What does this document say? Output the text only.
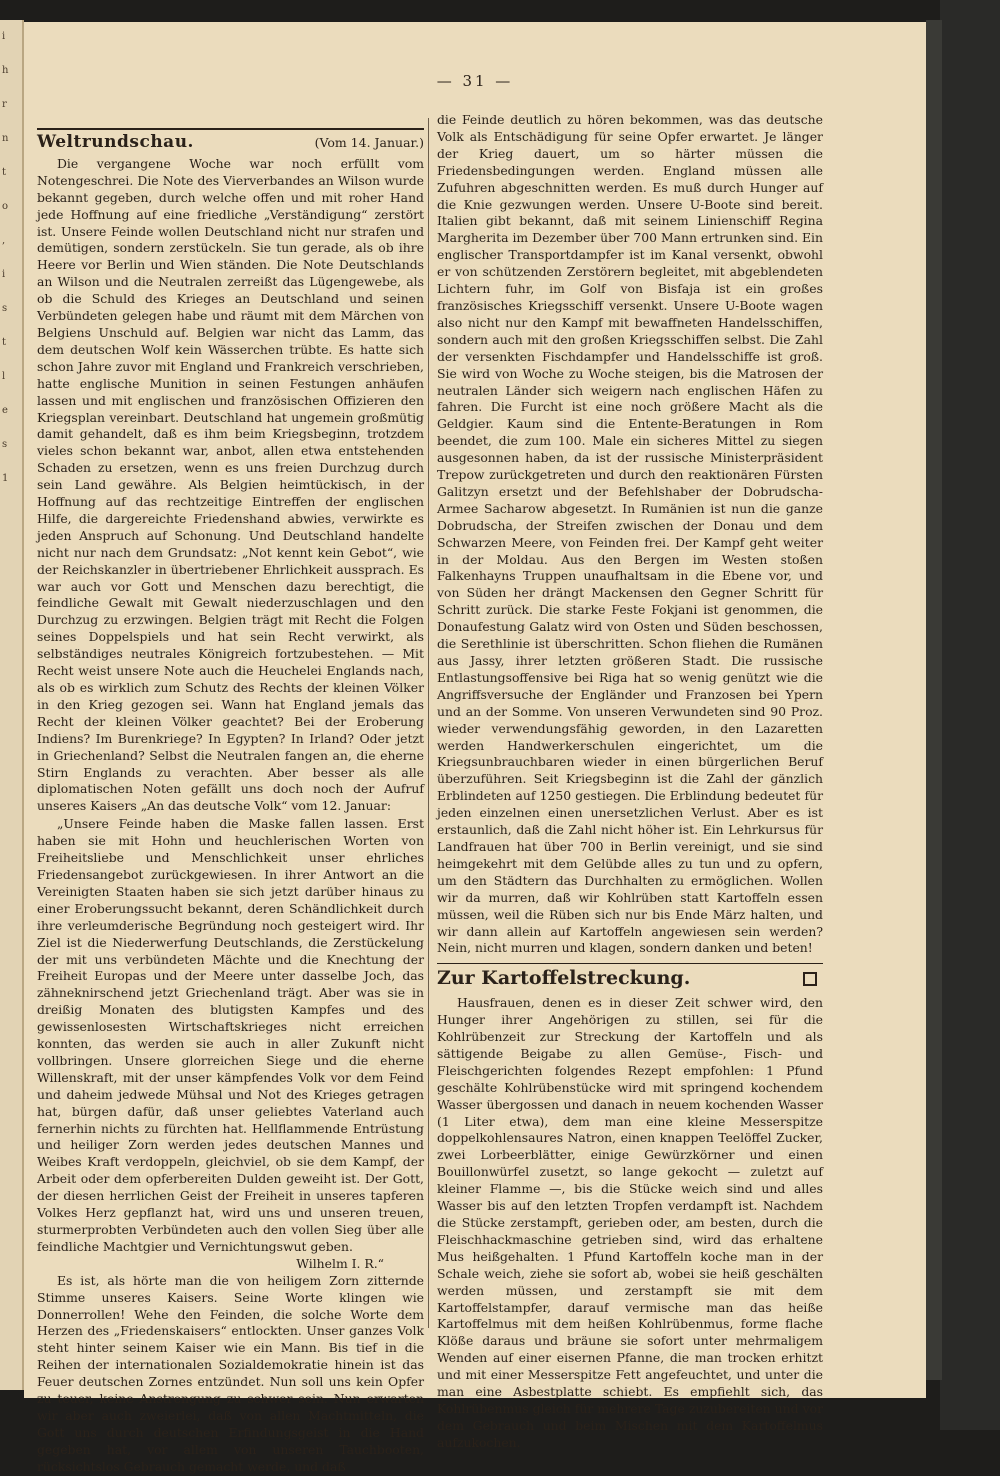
i
h
r
n
t
o
,
i
s
t
l
e
s
1
— 31 —
Weltrundschau.	(Vom 14. Januar.)

Die vergangene Woche war noch erfüllt vom Notengeschrei. Die Note des Vierverbandes an Wilson wurde bekannt gegeben, durch welche offen und mit roher Hand jede Hoffnung auf eine friedliche „Verständigung“ zerstört ist. Unsere Feinde wollen Deutschland nicht nur strafen und demütigen, sondern zerstückeln. Sie tun gerade, als ob ihre Heere vor Berlin und Wien ständen. Die Note Deutschlands an Wilson und die Neutralen zerreißt das Lügengewebe, als ob die Schuld des Krieges an Deutschland und seinen Verbündeten gelegen habe und räumt mit dem Märchen von Belgiens Unschuld auf. Belgien war nicht das Lamm, das dem deutschen Wolf kein Wässerchen trübte. Es hatte sich schon Jahre zuvor mit England und Frankreich verschrieben, hatte englische Munition in seinen Festungen anhäufen lassen und mit englischen und französischen Offizieren den Kriegsplan vereinbart. Deutschland hat ungemein großmütig damit gehandelt, daß es ihm beim Kriegsbeginn, trotzdem vieles schon bekannt war, anbot, allen etwa entstehenden Schaden zu ersetzen, wenn es uns freien Durchzug durch sein Land gewähre. Als Belgien heimtückisch, in der Hoffnung auf das rechtzeitige Eintreffen der englischen Hilfe, die dargereichte Friedenshand abwies, verwirkte es jeden Anspruch auf Schonung. Und Deutschland handelte nicht nur nach dem Grundsatz: „Not kennt kein Gebot“, wie der Reichskanzler in übertriebener Ehrlichkeit aussprach. Es war auch vor Gott und Menschen dazu berechtigt, die feindliche Gewalt mit Gewalt niederzuschlagen und den Durchzug zu erzwingen. Belgien trägt mit Recht die Folgen seines Doppelspiels und hat sein Recht verwirkt, als selbständiges neutrales Königreich fortzubestehen. — Mit Recht weist unsere Note auch die Heuchelei Englands nach, als ob es wirklich zum Schutz des Rechts der kleinen Völker in den Krieg gezogen sei. Wann hat England jemals das Recht der kleinen Völker geachtet? Bei der Eroberung Indiens? Im Burenkriege? In Egypten? In Irland? Oder jetzt in Griechenland? Selbst die Neutralen fangen an, die eherne Stirn Englands zu verachten. Aber besser als alle diplomatischen Noten gefällt uns doch noch der Aufruf unseres Kaisers „An das deutsche Volk“ vom 12. Januar:

„Unsere Feinde haben die Maske fallen lassen. Erst haben sie mit Hohn und heuchlerischen Worten von Freiheitsliebe und Menschlichkeit unser ehrliches Friedensangebot zurückgewiesen. In ihrer Antwort an die Vereinigten Staaten haben sie sich jetzt darüber hinaus zu einer Eroberungssucht bekannt, deren Schändlichkeit durch ihre verleumderische Begründung noch gesteigert wird. Ihr Ziel ist die Niederwerfung Deutschlands, die Zerstückelung der mit uns verbündeten Mächte und die Knechtung der Freiheit Europas und der Meere unter dasselbe Joch, das zähneknirschend jetzt Griechenland trägt. Aber was sie in dreißig Monaten des blutigsten Kampfes und des gewissenlosesten Wirtschaftskrieges nicht erreichen konnten, das werden sie auch in aller Zukunft nicht vollbringen. Unsere glorreichen Siege und die eherne Willenskraft, mit der unser kämpfendes Volk vor dem Feind und daheim jedwede Mühsal und Not des Krieges getragen hat, bürgen dafür, daß unser geliebtes Vaterland auch fernerhin nichts zu fürchten hat. Hellflammende Entrüstung und heiliger Zorn werden jedes deutschen Mannes und Weibes Kraft verdoppeln, gleichviel, ob sie dem Kampf, der Arbeit oder dem opferbereiten Dulden geweiht ist. Der Gott, der diesen herrlichen Geist der Freiheit in unseres tapferen Volkes Herz gepflanzt hat, wird uns und unseren treuen, sturmerprobten Verbündeten auch den vollen Sieg über alle feindliche Machtgier und Vernichtungswut geben.

Wilhelm I. R.“

Es ist, als hörte man die von heiligem Zorn zitternde Stimme unseres Kaisers. Seine Worte klingen wie Donnerrollen! Wehe den Feinden, die solche Worte dem Herzen des „Friedenskaisers“ entlockten. Unser ganzes Volk steht hinter seinem Kaiser wie ein Mann. Bis tief in die Reihen der internationalen Sozialdemokratie hinein ist das Feuer deutschen Zornes entzündet. Nun soll uns kein Opfer zu teuer, keine Anstrengung zu schwer sein. Nun erwarten wir aber auch zweierlei, daß von allen Machtmitteln, die Gott uns durch deutschen Erfindungsgeist in die Hand gegeben hat, vor allem von unseren Tauchbooten, rücksichtslos Gebrauch gemacht werde, und daß

die Feinde deutlich zu hören bekommen, was das deutsche Volk als Entschädigung für seine Opfer erwartet. Je länger der Krieg dauert, um so härter müssen die Friedensbedingungen werden. England müssen alle Zufuhren abgeschnitten werden. Es muß durch Hunger auf die Knie gezwungen werden. Unsere U-Boote sind bereit. Italien gibt bekannt, daß mit seinem Linienschiff Regina Margherita im Dezember über 700 Mann ertrunken sind. Ein englischer Transportdampfer ist im Kanal versenkt, obwohl er von schützenden Zerstörern begleitet, mit abgeblendeten Lichtern fuhr, im Golf von Bisfaja ist ein großes französisches Kriegsschiff versenkt. Unsere U-Boote wagen also nicht nur den Kampf mit bewaffneten Handelsschiffen, sondern auch mit den großen Kriegsschiffen selbst. Die Zahl der versenkten Fischdampfer und Handelsschiffe ist groß. Sie wird von Woche zu Woche steigen, bis die Matrosen der neutralen Länder sich weigern nach englischen Häfen zu fahren. Die Furcht ist eine noch größere Macht als die Geldgier. Kaum sind die Entente-Beratungen in Rom beendet, die zum 100. Male ein sicheres Mittel zu siegen ausgesonnen haben, da ist der russische Ministerpräsident Trepow zurückgetreten und durch den reaktionären Fürsten Galitzyn ersetzt und der Befehlshaber der Dobrudscha-Armee Sacharow abgesetzt. In Rumänien ist nun die ganze Dobrudscha, der Streifen zwischen der Donau und dem Schwarzen Meere, von Feinden frei. Der Kampf geht weiter in der Moldau. Aus den Bergen im Westen stoßen Falkenhayns Truppen unaufhaltsam in die Ebene vor, und von Süden her drängt Mackensen den Gegner Schritt für Schritt zurück. Die starke Feste Fokjani ist genommen, die Donaufestung Galatz wird von Osten und Süden beschossen, die Serethlinie ist überschritten. Schon fliehen die Rumänen aus Jassy, ihrer letzten größeren Stadt. Die russische Entlastungsoffensive bei Riga hat so wenig genützt wie die Angriffsversuche der Engländer und Franzosen bei Ypern und an der Somme. Von unseren Verwundeten sind 90 Proz. wieder verwendungsfähig geworden, in den Lazaretten werden Handwerkerschulen eingerichtet, um die Kriegsunbrauchbaren wieder in einen bürgerlichen Beruf überzuführen. Seit Kriegsbeginn ist die Zahl der gänzlich Erblindeten auf 1250 gestiegen. Die Erblindung bedeutet für jeden einzelnen einen unersetzlichen Verlust. Aber es ist erstaunlich, daß die Zahl nicht höher ist. Ein Lehrkursus für Landfrauen hat über 700 in Berlin vereinigt, und sie sind heimgekehrt mit dem Gelübde alles zu tun und zu opfern, um den Städtern das Durchhalten zu ermöglichen. Wollen wir da murren, daß wir Kohlrüben statt Kartoffeln essen müssen, weil die Rüben sich nur bis Ende März halten, und wir dann allein auf Kartoffeln angewiesen sein werden? Nein, nicht murren und klagen, sondern danken und beten!

Zur Kartoffelstreckung.

Hausfrauen, denen es in dieser Zeit schwer wird, den Hunger ihrer Angehörigen zu stillen, sei für die Kohlrübenzeit zur Streckung der Kartoffeln und als sättigende Beigabe zu allen Gemüse-, Fisch- und Fleischgerichten folgendes Rezept empfohlen: 1 Pfund geschälte Kohlrübenstücke wird mit springend kochendem Wasser übergossen und danach in neuem kochenden Wasser (1 Liter etwa), dem man eine kleine Messerspitze doppelkohlensaures Natron, einen knappen Teelöffel Zucker, zwei Lorbeerblätter, einige Gewürzkörner und einen Bouillonwürfel zusetzt, so lange gekocht — zuletzt auf kleiner Flamme —, bis die Stücke weich sind und alles Wasser bis auf den letzten Tropfen verdampft ist. Nachdem die Stücke zerstampft, gerieben oder, am besten, durch die Fleischhackmaschine getrieben sind, wird das erhaltene Mus heißgehalten. 1 Pfund Kartoffeln koche man in der Schale weich, ziehe sie sofort ab, wobei sie heiß geschälten werden müssen, und zerstampft sie mit dem Kartoffelstampfer, darauf vermische man das heiße Kartoffelmus mit dem heißen Kohlrübenmus, forme flache Klöße daraus und bräune sie sofort unter mehrmaligem Wenden auf einer eisernen Pfanne, die man trocken erhitzt und mit einer Messerspitze Fett angefeuchtet, und unter die man eine Asbestplatte schiebt. Es empfiehlt sich, das Kohlrübenmus gleich für mehrere Tage zuzubereiten und vor dem Gebrauch und beim Mischen mit dem Kartoffelmus aufzukochen.
